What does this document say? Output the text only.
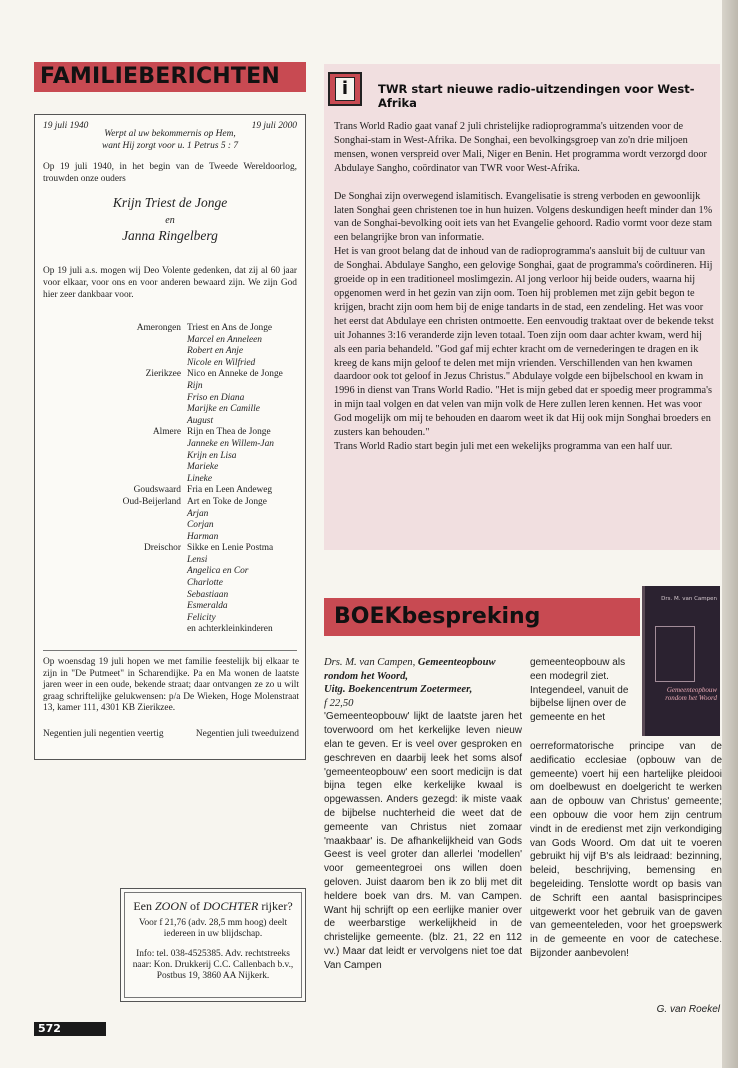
FAMILIEBERICHTEN
19 juli 1940	19 juli 2000
Werpt al uw bekommernis op Hem,
want Hij zorgt voor u. 1 Petrus 5 : 7
Op 19 juli 1940, in het begin van de Tweede Wereldoorlog, trouwden onze ouders
Krijn Triest de Jonge
en
Janna Ringelberg
Op 19 juli a.s. mogen wij Deo Volente gedenken, dat zij al 60 jaar voor elkaar, voor ons en voor anderen bewaard zijn. We zijn God hier zeer dankbaar voor.
Amerongen Triest en Ans de Jonge
Marcel en Anneleen
Robert en Anje
Nicole en Wilfried
Zierikzee Nico en Anneke de Jonge
Rijn
Friso en Diana
Marijke en Camille
August
Almere Rijn en Thea de Jonge
Janneke en Willem-Jan
Krijn en Lisa
Marieke
Lineke
Goudswaard Fria en Leen Andeweg
Oud-Beijerland Art en Toke de Jonge
Arjan
Corjan
Harman
Dreischor Sikke en Lenie Postma
Lensi
Angelica en Cor
Charlotte
Sebastiaan
Esmeralda
Felicity
en achterkleinkinderen
Op woensdag 19 juli hopen we met familie feestelijk bij elkaar te zijn in "De Putmeet" in Scharendijke. Pa en Ma wonen de laatste jaren weer in een oude, bekende straat; daar ontvangen ze zo u wilt graag schriftelijke gelukwensen: p/a De Wieken, Hoge Molenstraat 13, kamer 111, 4301 KB Zierikzee.
Negentien juli negentien veertig	Negentien juli tweeduizend
Een ZOON of DOCHTER rijker?
Voor f 21,76 (adv. 28,5 mm hoog) deelt iedereen in uw blijdschap.
Info: tel. 038-4525385. Adv. rechtstreeks naar: Kon. Drukkerij C.C. Callenbach b.v., Postbus 19, 3860 AA Nijkerk.
572
i	TWR start nieuwe radio-uitzendingen voor West-Afrika

Trans World Radio gaat vanaf 2 juli christelijke radioprogramma's uitzenden voor de Songhai-stam in West-Afrika. De Songhai, een bevolkingsgroep van zo'n drie miljoen mensen, wonen verspreid over Mali, Niger en Benin. Het programma wordt verzorgd door Abdulaye Sangho, coördinator van TWR voor West-Afrika.

De Songhai zijn overwegend islamitisch. Evangelisatie is streng verboden en gewoonlijk laten Songhai geen christenen toe in hun huizen. Volgens deskundigen heeft minder dan 1% van de Songhai-bevolking ooit iets van het Evangelie gehoord. Radio vormt voor deze stam een belangrijke bron van informatie.

Het is van groot belang dat de inhoud van de radioprogramma's aansluit bij de cultuur van de Songhai. Abdulaye Sangho, een gelovige Songhai, gaat de programma's coördineren. Hij groeide op in een traditioneel moslimgezin. Al jong verloor hij beide ouders, waarna hij opgenomen werd in het gezin van zijn oom. Toen hij problemen met zijn gebit begon te krijgen, bracht zijn oom hem bij de enige tandarts in de stad, een zendeling. Het was voor het eerst dat Abdulaye een christen ontmoette. Een eenvoudig traktaat over de bekende tekst uit Johannes 3:16 veranderde zijn leven totaal. Toen zijn oom daar achter kwam, werd hij als een paria behandeld. "God gaf mij echter kracht om de vernederingen te dragen en ik kreeg de kans mijn geloof te delen met mijn vrienden. Verschillenden van hen kwamen daardoor ook tot geloof in Jezus Christus." Abdulaye volgde een bijbelschool en kwam in 1996 in dienst van Trans World Radio. "Het is mijn gebed dat er spoedig meer programma's in mijn taal volgen en dat velen van mijn volk de Here zullen leren kennen. Het was voor God mogelijk om mij te behouden en daarom weet ik dat Hij ook mijn Songhai broeders en zusters kan behouden."

Trans World Radio start begin juli met een wekelijks programma van een half uur.

BOEKbespreking
Drs. M. van Campen
Gemeenteopbouw rondom het Woord
Drs. M. van Campen, Gemeenteopbouw rondom het Woord,
Uitg. Boekencentrum Zoetermeer,
f 22,50
'Gemeenteopbouw' lijkt de laatste jaren het toverwoord om het kerkelijke leven nieuw elan te geven. Er is veel over gesproken en geschreven en daarbij leek het soms alsof 'gemeenteopbouw' een soort medicijn is dat bijna tegen elke kerkelijke kwaal is opgewassen. Anders gezegd: ik miste vaak de bijbelse nuchterheid die weet dat de gemeente van Christus niet zomaar 'maakbaar' is. De afhankelijkheid van Gods Geest is veel groter dan allerlei 'modellen' voor gemeentegroei ons willen doen geloven. Juist daarom ben ik zo blij met dit heldere boek van drs. M. van Campen. Want hij schrijft op een eerlijke manier over de weerbarstige werkelijkheid in de christelijke gemeente. (blz. 21, 22 en 112 vv.) Maar dat leidt er vervolgens niet toe dat Van Campen
gemeenteopbouw als een modegril ziet. Integendeel, vanuit de bijbelse lijnen over de gemeente en het
oerreformatorische principe van de aedificatio ecclesiae (opbouw van de gemeente) voert hij een hartelijke pleidooi om doelbewust en doelgericht te werken aan de opbouw van Christus' gemeente; een opbouw die voor hem zijn centrum vindt in de eredienst met zijn verkondiging van Gods Woord. Om dat uit te voeren gebruikt hij vijf B's als leidraad: bezinning, beleid, beschrijving, bemensing en begeleiding. Tenslotte wordt op basis van de Schrift een aantal basisprincipes uitgewerkt voor het gebruik van de gaven van gemeenteleden, voor het groepswerk in de gemeente en voor de catechese. Bijzonder aanbevolen!
G. van Roekel
